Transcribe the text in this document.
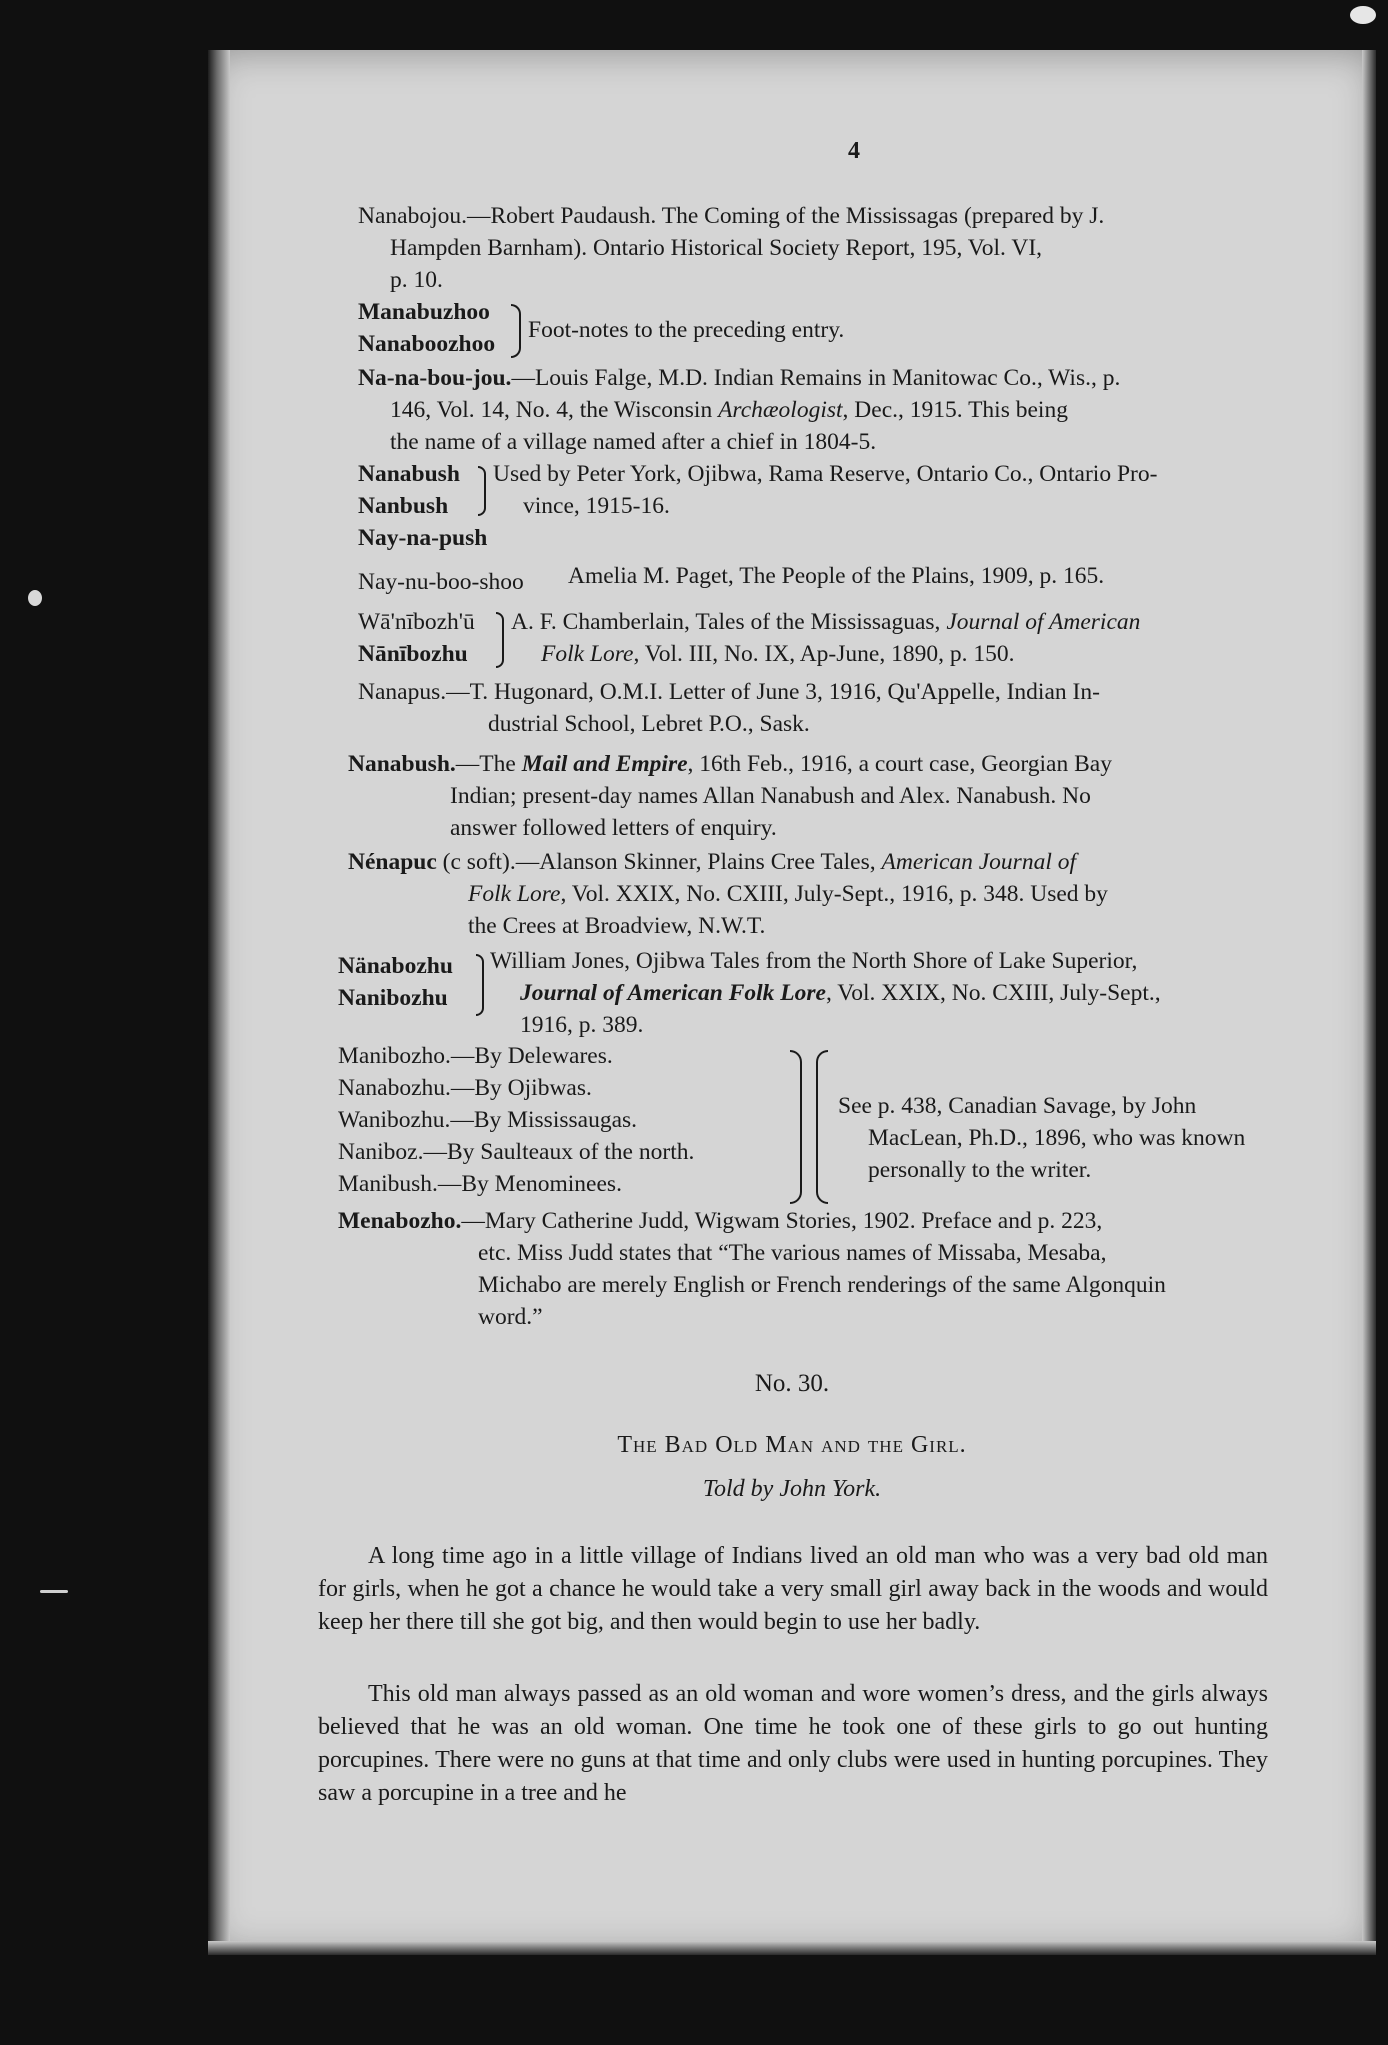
4
Nanabojou.—Robert Paudaush. The Coming of the Mississagas (prepared by J.
Hampden Barnham). Ontario Historical Society Report, 195, Vol. VI,
p. 10.
Manabuzhoo
Nanaboozhoo
Foot-notes to the preceding entry.
Na-na-bou-jou.—Louis Falge, M.D. Indian Remains in Manitowac Co., Wis., p.
146, Vol. 14, No. 4, the Wisconsin Archæologist, Dec., 1915. This being
the name of a village named after a chief in 1804-5.
Nanabush
Nanbush
Nay-na-push
Used by Peter York, Ojibwa, Rama Reserve, Ontario Co., Ontario Pro-
vince, 1915-16.
Nay-nu-boo-shoo Amelia M. Paget, The People of the Plains, 1909, p. 165.
Wā'nībozh'ū
Nānībozhu
A. F. Chamberlain, Tales of the Mississaguas, Journal of American
Folk Lore, Vol. III, No. IX, Ap-June, 1890, p. 150.
Nanapus.—T. Hugonard, O.M.I. Letter of June 3, 1916, Qu'Appelle, Indian In-
dustrial School, Lebret P.O., Sask.
Nanabush.—The Mail and Empire, 16th Feb., 1916, a court case, Georgian Bay
Indian; present-day names Allan Nanabush and Alex. Nanabush. No
answer followed letters of enquiry.
Nénapuc (c soft).—Alanson Skinner, Plains Cree Tales, American Journal of
Folk Lore, Vol. XXIX, No. CXIII, July-Sept., 1916, p. 348. Used by
the Crees at Broadview, N.W.T.
Nänabozhu
Nanibozhu
William Jones, Ojibwa Tales from the North Shore of Lake Superior,
Journal of American Folk Lore, Vol. XXIX, No. CXIII, July-Sept.,
1916, p. 389.
Manibozho.—By Delewares.
Nanabozhu.—By Ojibwas.
Wanibozhu.—By Mississaugas.
Naniboz.—By Saulteaux of the north.
Manibush.—By Menominees.
See p. 438, Canadian Savage, by John
MacLean, Ph.D., 1896, who was known
personally to the writer.
Menabozho.—Mary Catherine Judd, Wigwam Stories, 1902. Preface and p. 223,
etc. Miss Judd states that “The various names of Missaba, Mesaba,
Michabo are merely English or French renderings of the same Algonquin
word.”
No. 30.
The Bad Old Man and the Girl.
Told by John York.
A long time ago in a little village of Indians lived an old man who was a very bad old man for girls, when he got a chance he would take a very small girl away back in the woods and would keep her there till she got big, and then would begin to use her badly.
This old man always passed as an old woman and wore women’s dress, and the girls always believed that he was an old woman. One time he took one of these girls to go out hunting porcupines. There were no guns at that time and only clubs were used in hunting porcupines. They saw a porcupine in a tree and he
